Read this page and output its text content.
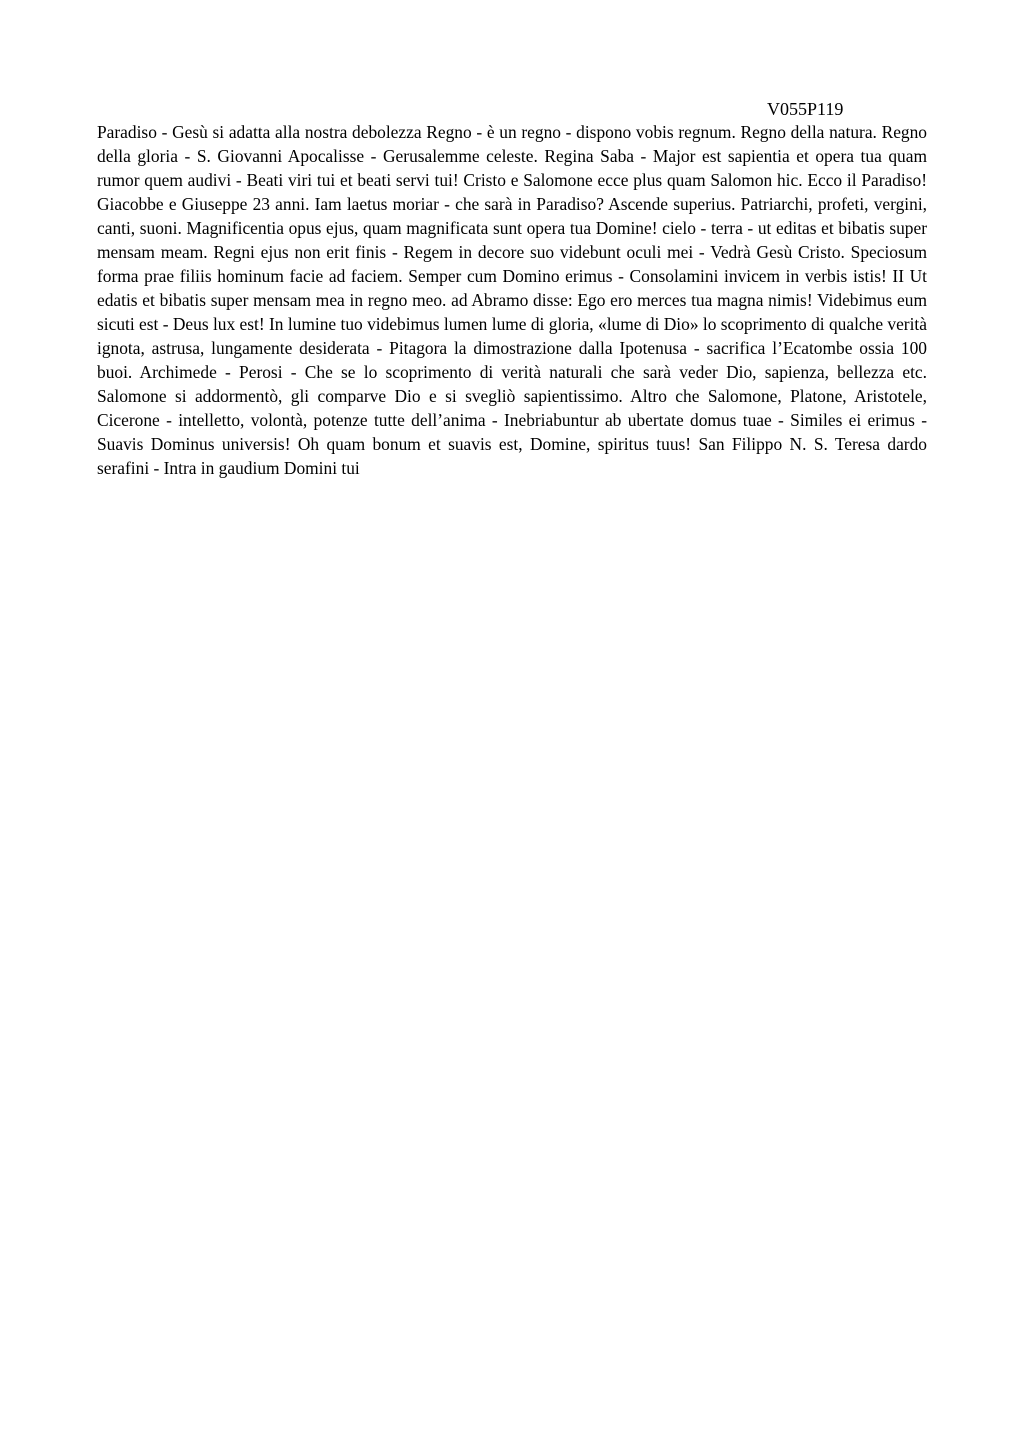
V055P119

Paradiso - Gesù si adatta alla nostra debolezza Regno - è un regno - dispono vobis regnum. Regno della natura. Regno della gloria - S. Giovanni Apocalisse - Gerusalemme celeste. Regina Saba - Major est sapientia et opera tua quam rumor quem audivi - Beati viri tui et beati servi tui! Cristo e Salomone ecce plus quam Salomon hic. Ecco il Paradiso! Giacobbe e Giuseppe 23 anni. Iam laetus moriar - che sarà in Paradiso? Ascende superius. Patriarchi, profeti, vergini, canti, suoni. Magnificentia opus ejus, quam magnificata sunt opera tua Domine! cielo - terra - ut editas et bibatis super mensam meam. Regni ejus non erit finis - Regem in decore suo videbunt oculi mei - Vedrà Gesù Cristo. Speciosum forma prae filiis hominum facie ad faciem. Semper cum Domino erimus - Consolamini invicem in verbis istis! II Ut edatis et bibatis super mensam mea in regno meo. ad Abramo disse: Ego ero merces tua magna nimis! Videbimus eum sicuti est - Deus lux est! In lumine tuo videbimus lumen lume di gloria, «lume di Dio» lo scoprimento di qualche verità ignota, astrusa, lungamente desiderata - Pitagora la dimostrazione dalla Ipotenusa - sacrifica l’Ecatombe ossia 100 buoi. Archimede - Perosi - Che se lo scoprimento di verità naturali che sarà veder Dio, sapienza, bellezza etc. Salomone si addormentò, gli comparve Dio e si svegliò sapientissimo. Altro che Salomone, Platone, Aristotele, Cicerone - intelletto, volontà, potenze tutte dell’anima - Inebriabuntur ab ubertate domus tuae - Similes ei erimus - Suavis Dominus universis! Oh quam bonum et suavis est, Domine, spiritus tuus! San Filippo N. S. Teresa dardo serafini - Intra in gaudium Domini tui
